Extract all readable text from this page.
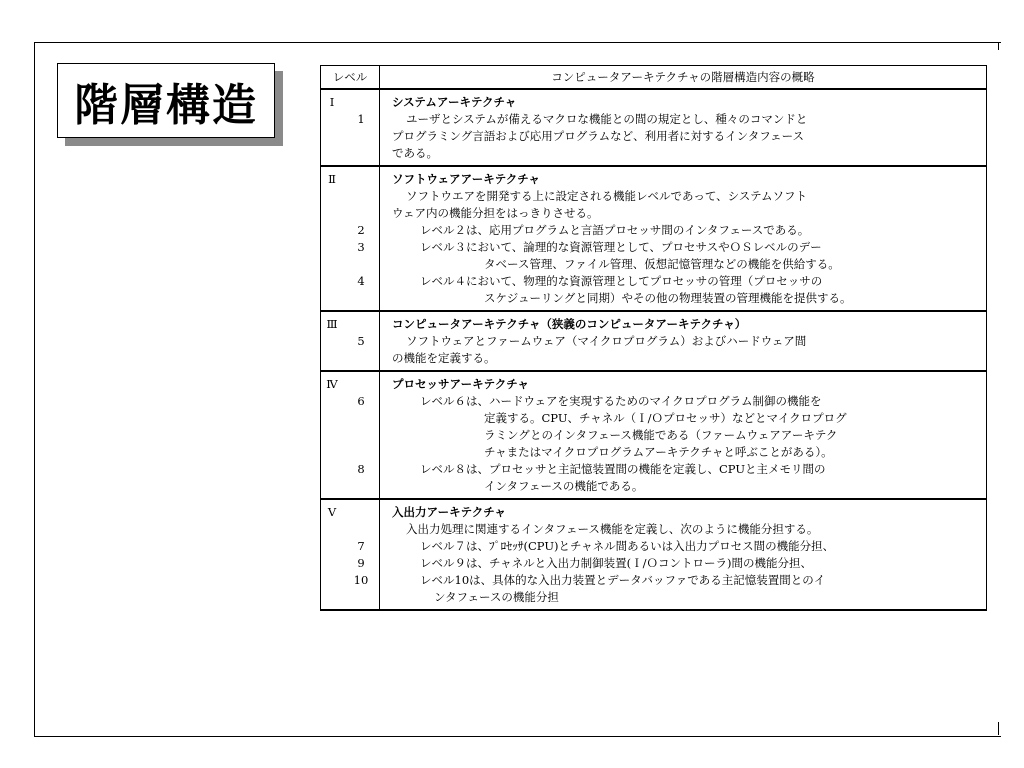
階層構造
レベル		コンピュータアーキテクチャの階層構造内容の概略
Ⅰ		システムアーキテクチャ
	1	ユーザとシステムが備えるマクロな機能との間の規定とし、種々のコマンドと
プログラミング言語および応用プログラムなど、利用者に対するインタフェース
である。

Ⅱ		ソフトウェアアーキテクチャ

		ソフトウエアを開発する上に設定される機能レベルであって、システムソフト
ウェア内の機能分担をはっきりさせる。

	2	レベル２は、応用プログラムと言語プロセッサ間のインタフェースである。

	3	レベル３において、論理的な資源管理として、プロセサスやＯＳレベルのデー
タベース管理、ファイル管理、仮想記憶管理などの機能を供給する。

	4	レベル４において、物理的な資源管理としてプロセッサの管理（プロセッサの
スケジューリングと同期）やその他の物理装置の管理機能を提供する。

Ⅲ		コンピュータアーキテクチャ（狭義のコンピュータアーキテクチャ）
	5	ソフトウェアとファームウェア（マイクロプログラム）およびハードウェア間
の機能を定義する。

Ⅳ		プロセッサアーキテクチャ
	6	レベル６は、ハードウェアを実現するためのマイクロプログラム制御の機能を
定義する。CPU、チャネル（Ｉ/Ｏプロセッサ）などとマイクロプログ
ラミングとのインタフェース機能である（ファームウェアアーキテク
チャまたはマイクロプログラムアーキテクチャと呼ぶことがある）。

	8	レベル８は、プロセッサと主記憶装置間の機能を定義し、CPUと主メモリ間の
インタフェースの機能である。

Ⅴ		入出力アーキテクチャ

		入出力処理に関連するインタフェース機能を定義し、次のように機能分担する。

	7	レベル７は、ﾌﾟﾛｾｯｻ(CPU)とチャネル間あるいは入出力プロセス間の機能分担、

	9	レベル９は、チャネルと入出力制御装置(Ｉ/Ｏコントローラ)間の機能分担、

	10	レベル10は、具体的な入出力装置とデータバッファである主記憶装置間とのイ
ンタフェースの機能分担
